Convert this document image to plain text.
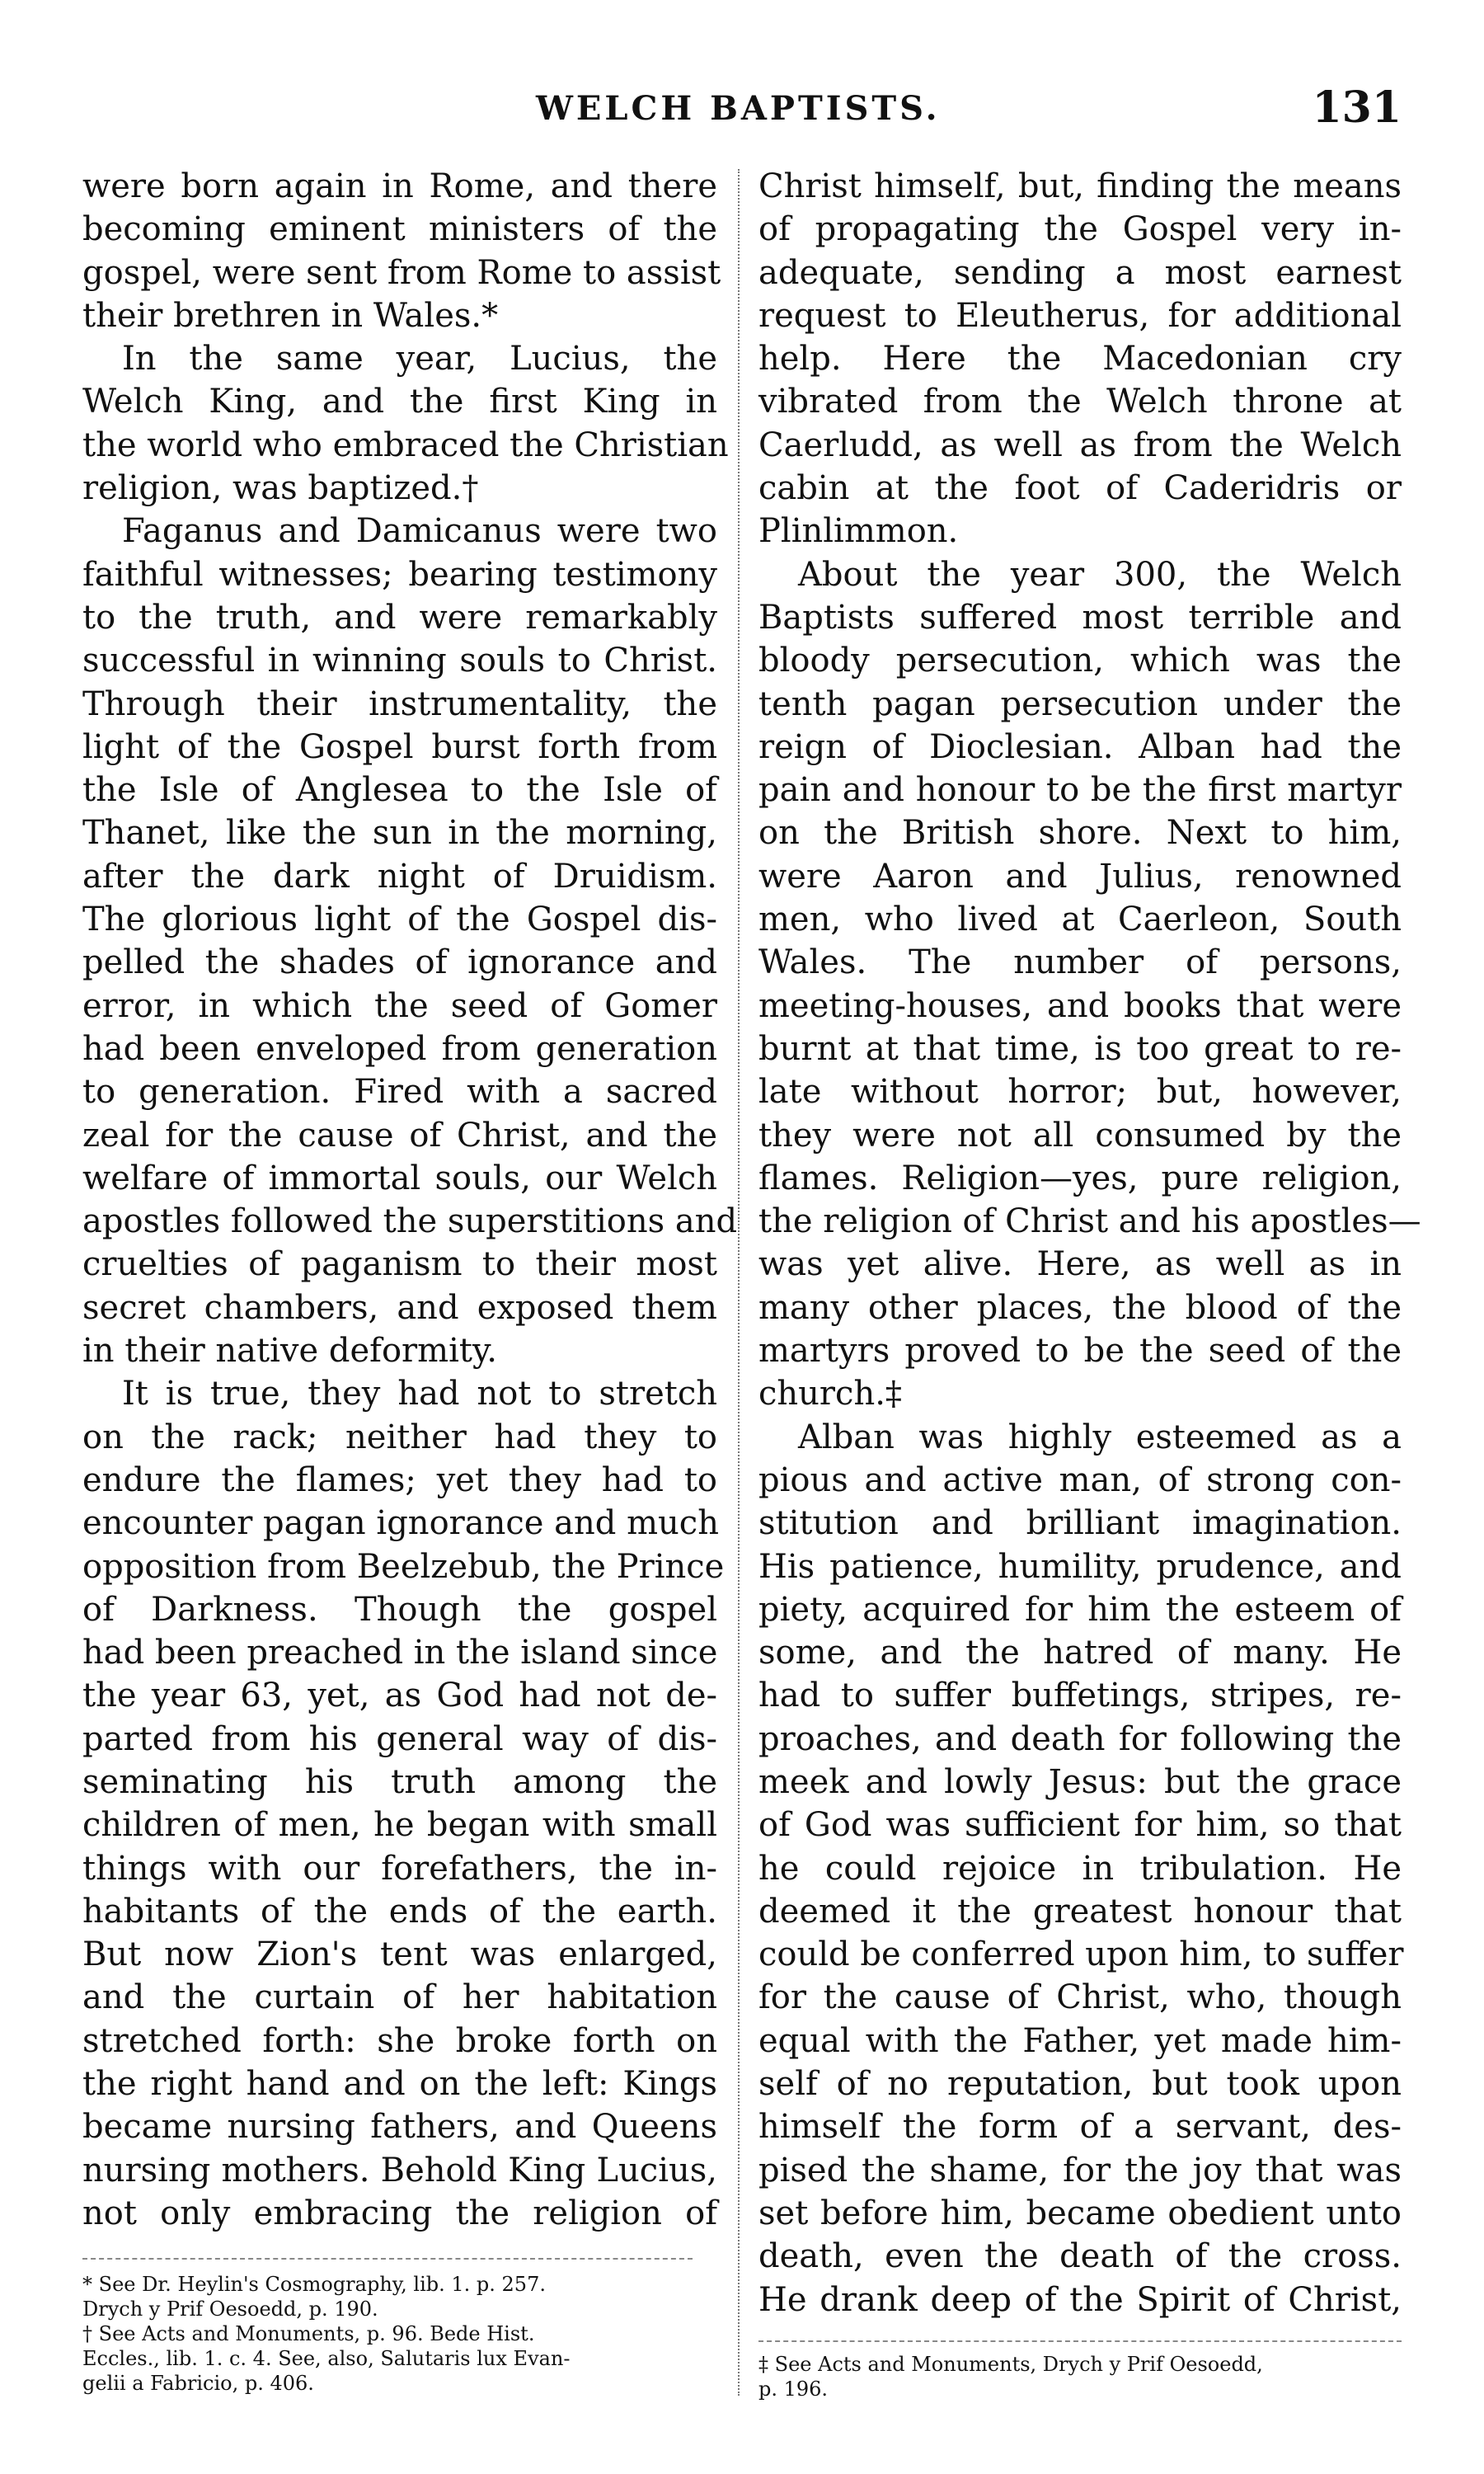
WELCH BAPTISTS.	131

were born again in Rome, and there

becoming eminent ministers of the

gospel, were sent from Rome to assist

their brethren in Wales.*

In the same year, Lucius, the

Welch King, and the first King in

the world who embraced the Christian

religion, was baptized.†

Faganus and Damicanus were two

faithful witnesses; bearing testimony

to the truth, and were remarkably

successful in winning souls to Christ.

Through their instrumentality, the

light of the Gospel burst forth from

the Isle of Anglesea to the Isle of

Thanet, like the sun in the morning,

after the dark night of Druidism.

The glorious light of the Gospel dis-

pelled the shades of ignorance and

error, in which the seed of Gomer

had been enveloped from generation

to generation. Fired with a sacred

zeal for the cause of Christ, and the

welfare of immortal souls, our Welch

apostles followed the superstitions and

cruelties of paganism to their most

secret chambers, and exposed them

in their native deformity.

It is true, they had not to stretch

on the rack; neither had they to

endure the flames; yet they had to

encounter pagan ignorance and much

opposition from Beelzebub, the Prince

of Darkness. Though the gospel

had been preached in the island since

the year 63, yet, as God had not de-

parted from his general way of dis-

seminating his truth among the

children of men, he began with small

things with our forefathers, the in-

habitants of the ends of the earth.

But now Zion's tent was enlarged,

and the curtain of her habitation

stretched forth: she broke forth on

the right hand and on the left: Kings

became nursing fathers, and Queens

nursing mothers. Behold King Lucius,

not only embracing the religion of

Christ himself, but, finding the means

of propagating the Gospel very in-

adequate, sending a most earnest

request to Eleutherus, for additional

help. Here the Macedonian cry

vibrated from the Welch throne at

Caerludd, as well as from the Welch

cabin at the foot of Caderidris or

Plinlimmon.

About the year 300, the Welch

Baptists suffered most terrible and

bloody persecution, which was the

tenth pagan persecution under the

reign of Dioclesian. Alban had the

pain and honour to be the first martyr

on the British shore. Next to him,

were Aaron and Julius, renowned

men, who lived at Caerleon, South

Wales. The number of persons,

meeting-houses, and books that were

burnt at that time, is too great to re-

late without horror; but, however,

they were not all consumed by the

flames. Religion—yes, pure religion,

the religion of Christ and his apostles—

was yet alive. Here, as well as in

many other places, the blood of the

martyrs proved to be the seed of the

church.‡

Alban was highly esteemed as a

pious and active man, of strong con-

stitution and brilliant imagination.

His patience, humility, prudence, and

piety, acquired for him the esteem of

some, and the hatred of many. He

had to suffer buffetings, stripes, re-

proaches, and death for following the

meek and lowly Jesus: but the grace

of God was sufficient for him, so that

he could rejoice in tribulation. He

deemed it the greatest honour that

could be conferred upon him, to suffer

for the cause of Christ, who, though

equal with the Father, yet made him-

self of no reputation, but took upon

himself the form of a servant, des-

pised the shame, for the joy that was

set before him, became obedient unto

death, even the death of the cross.

He drank deep of the Spirit of Christ,

* See Dr. Heylin's Cosmography, lib. 1. p. 257.

Drych y Prif Oesoedd, p. 190.

† See Acts and Monuments, p. 96. Bede Hist.

Eccles., lib. 1. c. 4. See, also, Salutaris lux Evan-

gelii a Fabricio, p. 406.

‡ See Acts and Monuments, Drych y Prif Oesoedd,

p. 196.
